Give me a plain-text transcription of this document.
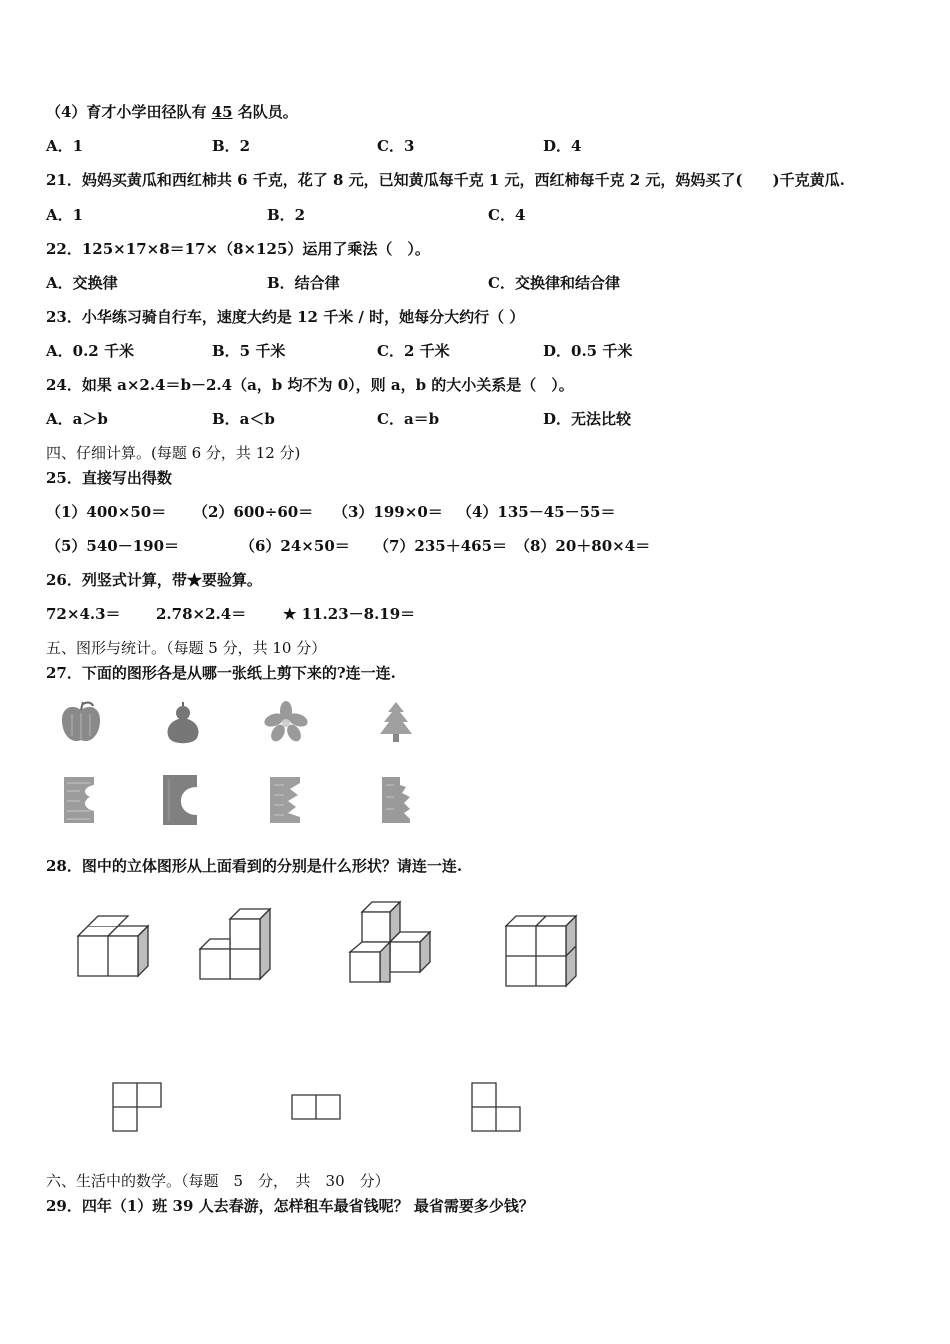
（4）育才小学田径队有 45 名队员。
A．1	B．2	C．3	D．4
21．妈妈买黄瓜和西红柿共 6 千克，花了 8 元，已知黄瓜每千克 1 元，西红柿每千克 2 元，妈妈买了(　　)千克黄瓜.
A．1	B．2	C．4
22．125×17×8＝17×（8×125）运用了乘法（　）。
A．交换律	B．结合律	C．交换律和结合律
23．小华练习骑自行车，速度大约是 12 千米 / 时，她每分大约行（ ）
A．0.2 千米	B．5 千米	C．2 千米	D．0.5 千米
24．如果 a×2.4＝b－2.4（a，b 均不为 0），则 a，b 的大小关系是（　）。
A．a＞b	B．a＜b	C．a＝b	D．无法比较
四、仔细计算。(每题 6 分，共 12 分)
25．直接写出得数
（1）400×50＝ （2）600÷60＝ （3）199×0＝ （4）135－45－55＝
（5）540－190＝	（6）24×50＝ （7）235＋465＝ （8）20＋80×4＝
26．列竖式计算，带★要验算。
72×4.3＝ 2.78×2.4＝ ★ 11.23－8.19＝
五、图形与统计。（每题 5 分，共 10 分）
27．下面的图形各是从哪一张纸上剪下来的?连一连.
28．图中的立体图形从上面看到的分别是什么形状？请连一连.
六、生活中的数学。（每题　5　分，　共　30　分）
29．四年（1）班 39 人去春游，怎样租车最省钱呢？ 最省需要多少钱？
